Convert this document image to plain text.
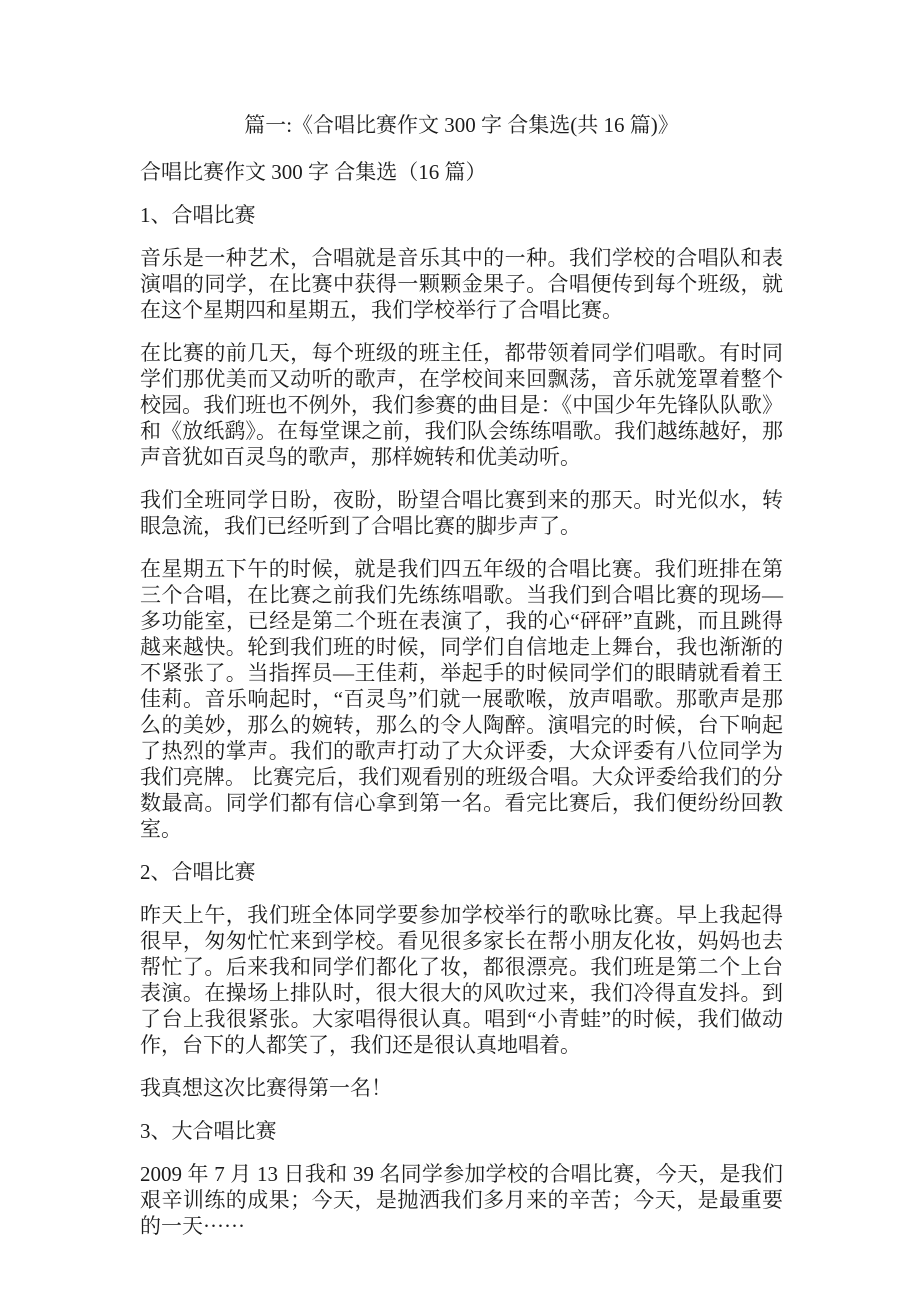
篇一:《合唱比赛作文 300 字 合集选(共 16 篇)》

合唱比赛作文 300 字 合集选（16 篇）

1、合唱比赛

音乐是一种艺术，合唱就是音乐其中的一种。我们学校的合唱队和表演唱的同学，在比赛中获得一颗颗金果子。合唱便传到每个班级，就在这个星期四和星期五，我们学校举行了合唱比赛。

在比赛的前几天，每个班级的班主任，都带领着同学们唱歌。有时同学们那优美而又动听的歌声，在学校间来回飘荡，音乐就笼罩着整个校园。我们班也不例外，我们参赛的曲目是：《中国少年先锋队队歌》和《放纸鹞》。在每堂课之前，我们队会练练唱歌。我们越练越好，那声音犹如百灵鸟的歌声，那样婉转和优美动听。

我们全班同学日盼，夜盼，盼望合唱比赛到来的那天。时光似水，转眼急流，我们已经听到了合唱比赛的脚步声了。

在星期五下午的时候，就是我们四五年级的合唱比赛。我们班排在第三个合唱，在比赛之前我们先练练唱歌。当我们到合唱比赛的现场—多功能室，已经是第二个班在表演了，我的心“砰砰”直跳，而且跳得越来越快。轮到我们班的时候，同学们自信地走上舞台，我也渐渐的不紧张了。当指挥员—王佳莉，举起手的时候同学们的眼睛就看着王佳莉。音乐响起时，“百灵鸟”们就一展歌喉，放声唱歌。那歌声是那么的美妙，那么的婉转，那么的令人陶醉。演唱完的时候，台下响起了热烈的掌声。我们的歌声打动了大众评委，大众评委有八位同学为我们亮牌。 比赛完后，我们观看别的班级合唱。大众评委给我们的分数最高。同学们都有信心拿到第一名。看完比赛后，我们便纷纷回教室。

2、合唱比赛

昨天上午，我们班全体同学要参加学校举行的歌咏比赛。早上我起得很早，匆匆忙忙来到学校。看见很多家长在帮小朋友化妆，妈妈也去帮忙了。后来我和同学们都化了妆，都很漂亮。我们班是第二个上台表演。在操场上排队时，很大很大的风吹过来，我们冷得直发抖。到了台上我很紧张。大家唱得很认真。唱到“小青蛙”的时候，我们做动作，台下的人都笑了，我们还是很认真地唱着。

我真想这次比赛得第一名！

3、大合唱比赛

2009 年 7 月 13 日我和 39 名同学参加学校的合唱比赛，今天，是我们艰辛训练的成果；今天，是抛洒我们多月来的辛苦；今天，是最重要的一天······
